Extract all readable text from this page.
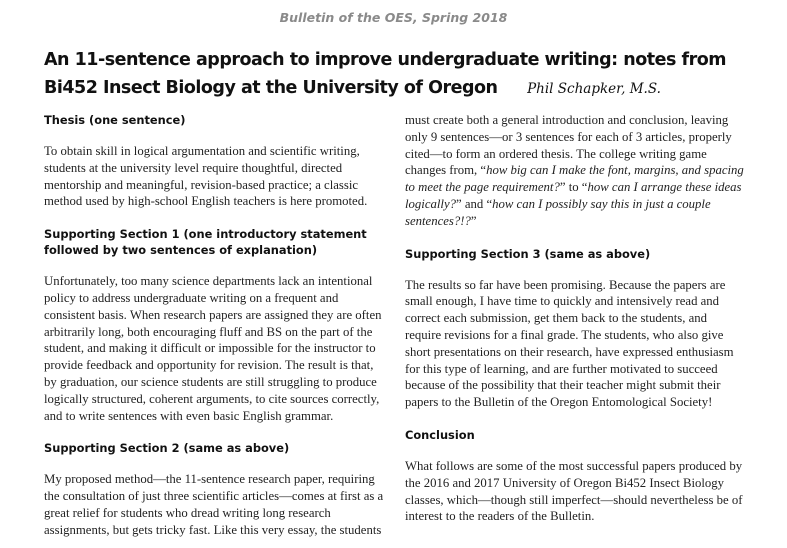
Bulletin of the OES, Spring 2018
An 11-sentence approach to improve undergraduate writing: notes from Bi452 Insect Biology at the University of Oregon Phil Schapker, M.S.

Thesis (one sentence)

To obtain skill in logical argumentation and scientific writing, students at the university level require thoughtful, directed mentorship and meaningful, revision-based practice; a classic method used by high-school English teachers is here promoted.

Supporting Section 1 (one introductory statement followed by two sentences of explanation)

Unfortunately, too many science departments lack an intentional policy to address undergraduate writing on a frequent and consistent basis. When research papers are assigned they are often arbitrarily long, both encouraging fluff and BS on the part of the student, and making it difficult or impossible for the instructor to provide feedback and opportunity for revision. The result is that, by graduation, our science students are still struggling to produce logically structured, coherent arguments, to cite sources correctly, and to write sentences with even basic English grammar.

Supporting Section 2 (same as above)

My proposed method—the 11-sentence research paper, requiring the consultation of just three scientific articles—comes at first as a great relief for students who dread writing long research assignments, but gets tricky fast. Like this very essay, the students

must create both a general introduction and conclusion, leaving only 9 sentences—or 3 sentences for each of 3 articles, properly cited—to form an ordered thesis. The college writing game changes from, “how big can I make the font, margins, and spacing to meet the page requirement?” to “how can I arrange these ideas logically?” and “how can I possibly say this in just a couple sentences?!?”

Supporting Section 3 (same as above)

The results so far have been promising. Because the papers are small enough, I have time to quickly and intensively read and correct each submission, get them back to the students, and require revisions for a final grade. The students, who also give short presentations on their research, have expressed enthusiasm for this type of learning, and are further motivated to succeed because of the possibility that their teacher might submit their papers to the Bulletin of the Oregon Entomological Society!

Conclusion

What follows are some of the most successful papers produced by the 2016 and 2017 University of Oregon Bi452 Insect Biology classes, which—though still imperfect—should nevertheless be of interest to the readers of the Bulletin.
